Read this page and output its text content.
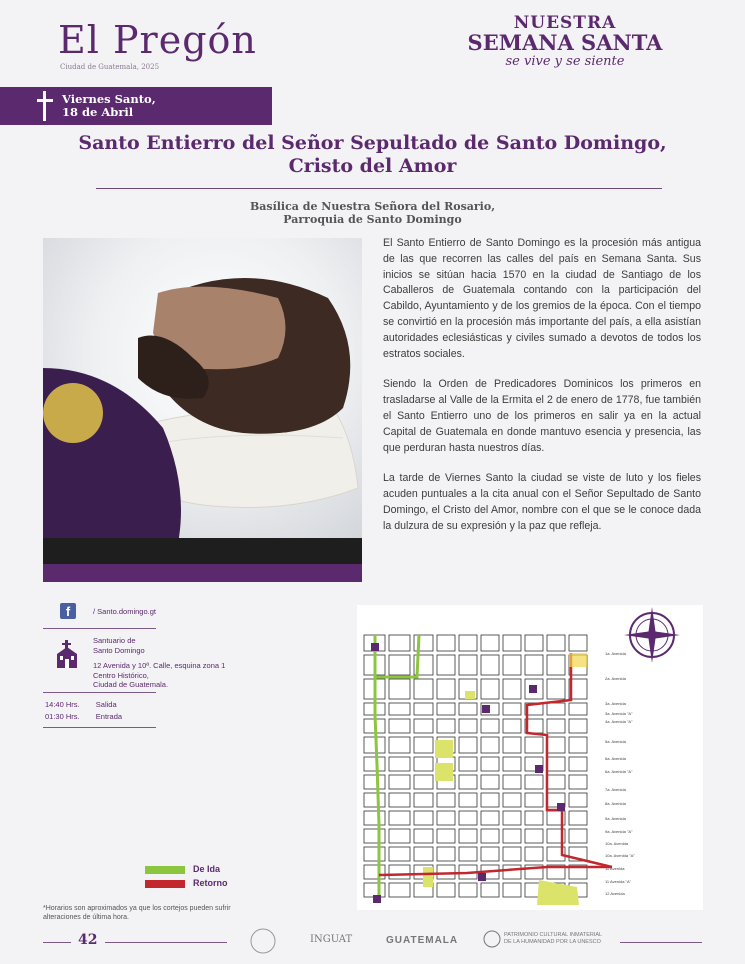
El Pregón
Ciudad de Guatemala, 2025
NUESTRA
SEMANA SANTA
se vive y se siente
Viernes Santo,
18 de Abril
Santo Entierro del Señor Sepultado de Santo Domingo,
Cristo del Amor
Basílica de Nuestra Señora del Rosario,
Parroquia de Santo Domingo

El Santo Entierro de Santo Domingo es la procesión más antigua de las que recorren las calles del país en Semana Santa. Sus inicios se sitúan hacia 1570 en la ciudad de Santiago de los Caballeros de Guatemala contando con la participación del Cabildo, Ayuntamiento y de los gremios de la época. Con el tiempo se convirtió en la procesión más importante del país, a ella asistían autoridades eclesiásticas y civiles sumado a devotos de todos los estratos sociales.

Siendo la Orden de Predicadores Dominicos los primeros en trasladarse al Valle de la Ermita el 2 de enero de 1778, fue también el Santo Entierro uno de los primeros en salir ya en la actual Capital de Guatemala en donde mantuvo esencia y presencia, las que perduran hasta nuestros días.

La tarde de Viernes Santo la ciudad se viste de luto y los fieles acuden puntuales a la cita anual con el Señor Sepultado de Santo Domingo, el Cristo del Amor, nombre con el que se le conoce dada la dulzura de su expresión y la paz que refleja.

f	/ Santo.domingo.gt
Santuario de
Santo Domingo
12 Avenida y 10ª. Calle, esquina zona 1
Centro Histórico,
Ciudad de Guatemala.
14:40 Hrs. Salida
01:30 Hrs. Entrada
De Ida
Retorno
*Horarios son aproximados ya que los cortejos pueden sufrir alteraciones de última hora.
1a. Avenida
2a. Avenida
3a. Avenida
3a. Avenida "A"
4a. Avenida "A"
5a. Avenida
6a. Avenida
6a. Avenida "A"
7a. Avenida
8a. Avenida
9a. Avenida
9a. Avenida "A"
10a. Avenida
10a. Avenida "A"
11 Avenida
11 Avenida "A"
12 Avenida
42	INGUAT	GUATEMALA	PATRIMONIO CULTURAL INMATERIAL DE LA HUMANIDAD POR LA UNESCO
